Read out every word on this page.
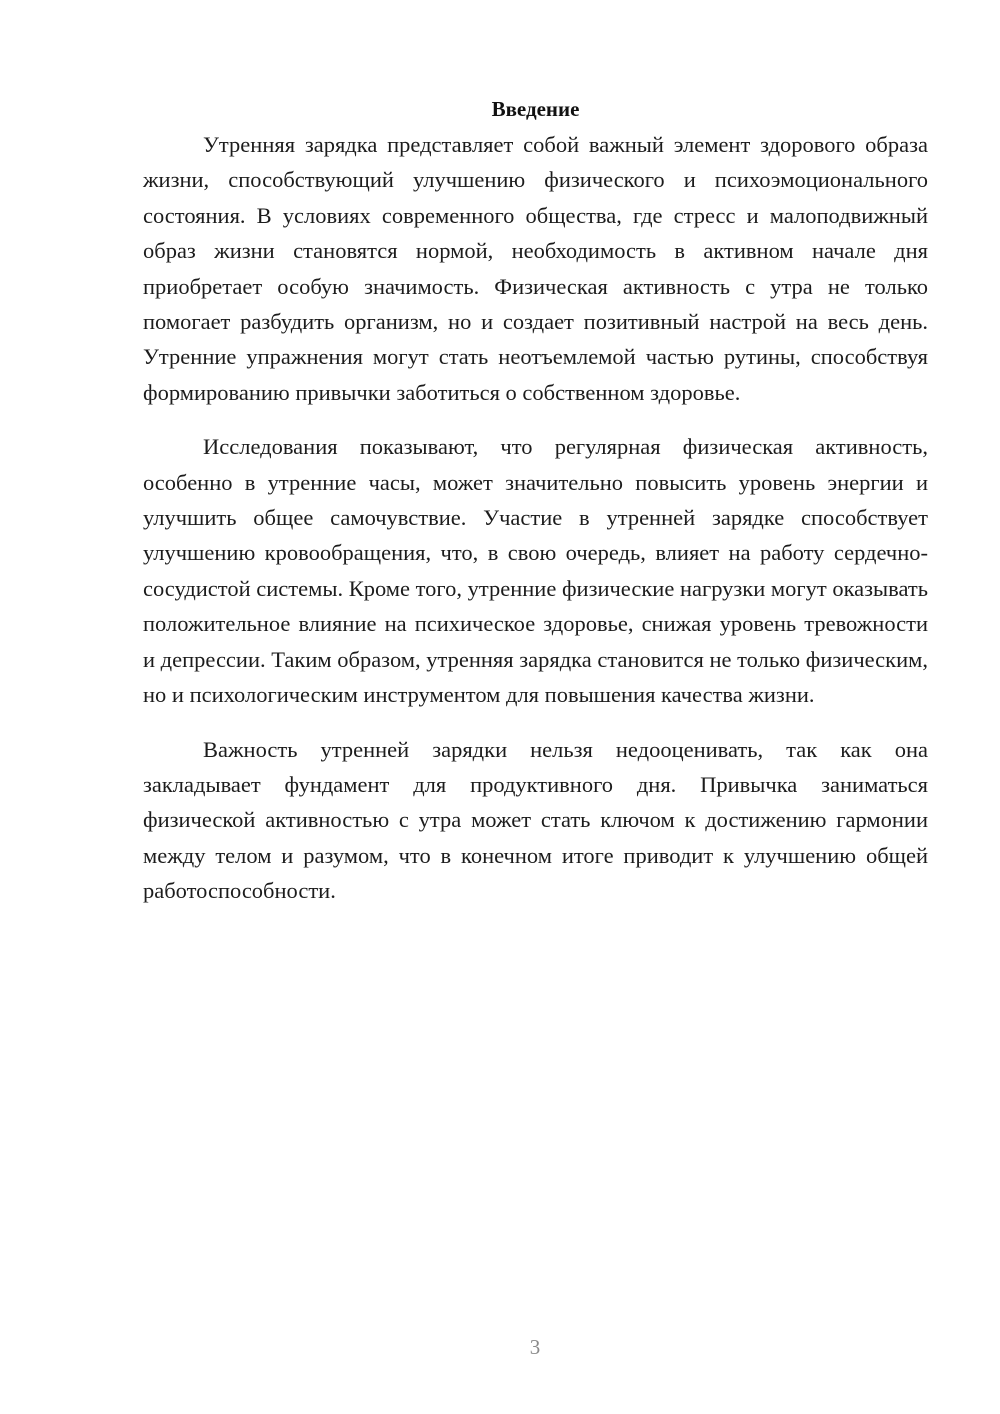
Введение

Утренняя зарядка представляет собой важный элемент здорового образа жизни, способствующий улучшению физического и психоэмоционального состояния. В условиях современного общества, где стресс и малоподвижный образ жизни становятся нормой, необходимость в активном начале дня приобретает особую значимость. Физическая активность с утра не только помогает разбудить организм, но и создает позитивный настрой на весь день. Утренние упражнения могут стать неотъемлемой частью рутины, способствуя формированию привычки заботиться о собственном здоровье.

Исследования показывают, что регулярная физическая активность, особенно в утренние часы, может значительно повысить уровень энергии и улучшить общее самочувствие. Участие в утренней зарядке способствует улучшению кровообращения, что, в свою очередь, влияет на работу сердечно-сосудистой системы. Кроме того, утренние физические нагрузки могут оказывать положительное влияние на психическое здоровье, снижая уровень тревожности и депрессии. Таким образом, утренняя зарядка становится не только физическим, но и психологическим инструментом для повышения качества жизни.

Важность утренней зарядки нельзя недооценивать, так как она закладывает фундамент для продуктивного дня. Привычка заниматься физической активностью с утра может стать ключом к достижению гармонии между телом и разумом, что в конечном итоге приводит к улучшению общей работоспособности.

3
